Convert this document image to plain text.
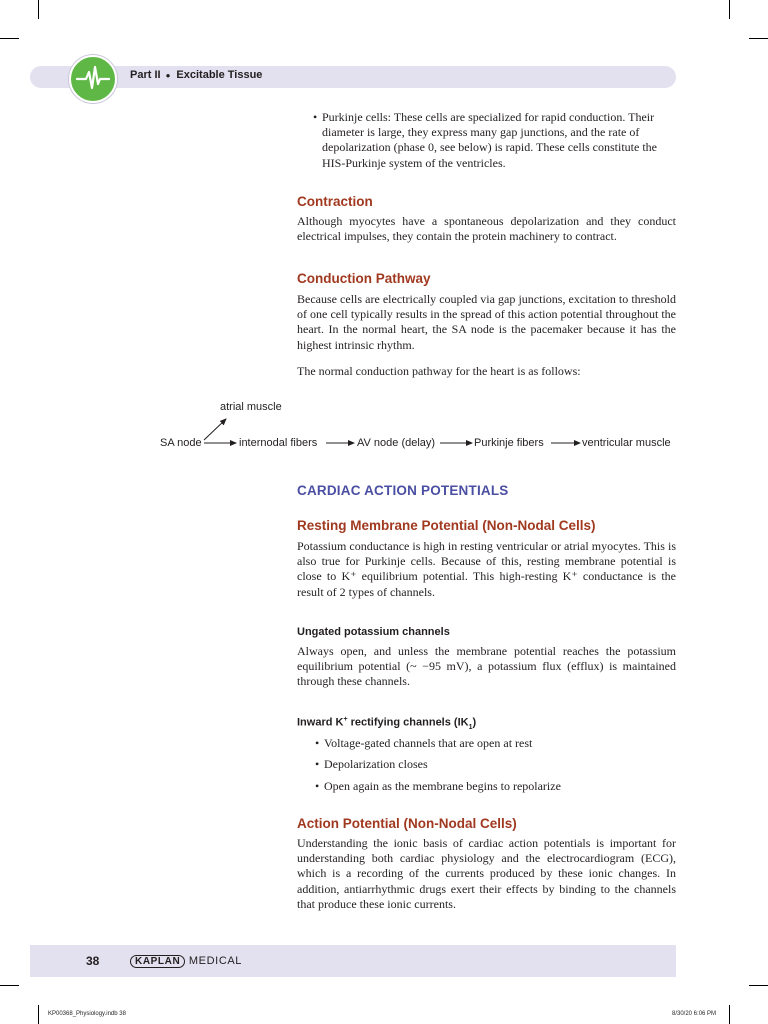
Part II ● Excitable Tissue
• Purkinje cells: These cells are specialized for rapid conduction. Their diameter is large, they express many gap junctions, and the rate of depolarization (phase 0, see below) is rapid. These cells constitute the HIS-Purkinje system of the ventricles.

Contraction

Although myocytes have a spontaneous depolarization and they conduct electrical impulses, they contain the protein machinery to contract.

Conduction Pathway

Because cells are electrically coupled via gap junctions, excitation to threshold of one cell typically results in the spread of this action potential throughout the heart. In the normal heart, the SA node is the pacemaker because it has the highest intrinsic rhythm.

The normal conduction pathway for the heart is as follows:

atrial muscle
SA node	internodal fibers	AV node (delay)	Purkinje fibers	ventricular muscle
CARDIAC ACTION POTENTIALS
Resting Membrane Potential (Non-Nodal Cells)

Potassium conductance is high in resting ventricular or atrial myocytes. This is also true for Purkinje cells. Because of this, resting membrane potential is close to K⁺ equilibrium potential. This high-resting K⁺ conductance is the result of 2 types of channels.

Ungated potassium channels

Always open, and unless the membrane potential reaches the potassium equilibrium potential (~ −95 mV), a potassium flux (efflux) is maintained through these channels.

Inward K+ rectifying channels $(IK_1)$
• Voltage-gated channels that are open at rest
• Depolarization closes
• Open again as the membrane begins to repolarize
Action Potential (Non-Nodal Cells)

Understanding the ionic basis of cardiac action potentials is important for understanding both cardiac physiology and the electrocardiogram (ECG), which is a recording of the currents produced by these ionic changes. In addition, antiarrhythmic drugs exert their effects by binding to the channels that produce these ionic currents.

38	KAPLAN MEDICAL
KP00368_Physiology.indb 38	8/30/20 6:06 PM
